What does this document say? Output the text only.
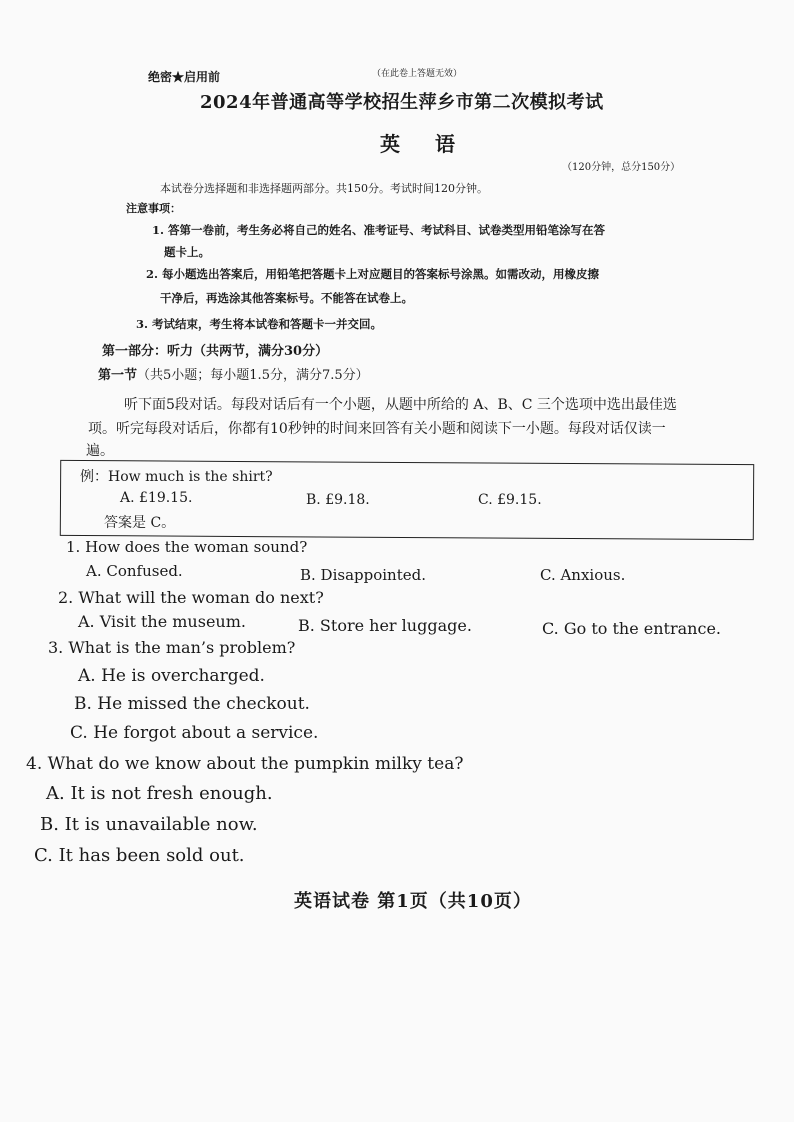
绝密★启用前	（在此卷上答题无效）
2024年普通高等学校招生萍乡市第二次模拟考试
英 语
（120分钟，总分150分）
本试卷分选择题和非选择题两部分。共150分。考试时间120分钟。
注意事项：
1. 答第一卷前，考生务必将自己的姓名、准考证号、考试科目、试卷类型用铅笔涂写在答
题卡上。
2. 每小题选出答案后，用铅笔把答题卡上对应题目的答案标号涂黑。如需改动，用橡皮擦
干净后，再选涂其他答案标号。不能答在试卷上。
3. 考试结束，考生将本试卷和答题卡一并交回。
第一部分：听力（共两节，满分30分）
第一节（共5小题；每小题1.5分，满分7.5分）
听下面5段对话。每段对话后有一个小题，从题中所给的 A、B、C 三个选项中选出最佳选
项。听完每段对话后，你都有10秒钟的时间来回答有关小题和阅读下一小题。每段对话仅读一
遍。
例：How much is the shirt?
A. £19.15.	B. £9.18.	C. £9.15.
答案是 C。
1. How does the woman sound?
A. Confused.	B. Disappointed.	C. Anxious.
2. What will the woman do next?
A. Visit the museum.	B. Store her luggage.	C. Go to the entrance.
3. What is the man’s problem?
A. He is overcharged.
B. He missed the checkout.
C. He forgot about a service.
4. What do we know about the pumpkin milky tea?
A. It is not fresh enough.
B. It is unavailable now.
C. It has been sold out.
英语试卷 第1页（共10页）
